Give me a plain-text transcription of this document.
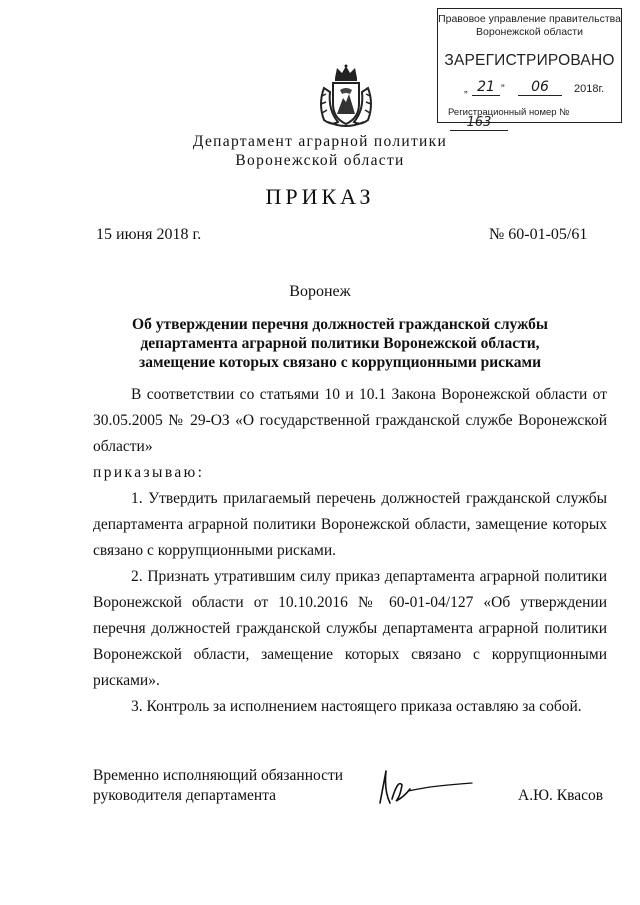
Правовое управление правительства
Воронежской области
ЗАРЕГИСТРИРОВАНО
„ 21 ”	06	2018г.
Регистрационный номер №163
Департамент аграрной политики
Воронежской области
ПРИКАЗ
15 июня 2018 г.	№ 60-01-05/61
Воронеж
Об утверждении перечня должностей гражданской службы
департамента аграрной политики Воронежской области,
замещение которых связано с коррупционными рисками

В соответствии со статьями 10 и 10.1 Закона Воронежской области от 30.05.2005 № 29-ОЗ «О государственной гражданской службе Воронежской области»

приказываю:

1. Утвердить прилагаемый перечень должностей гражданской службы департамента аграрной политики Воронежской области, замещение которых связано с коррупционными рисками.

2. Признать утратившим силу приказ департамента аграрной политики Воронежской области от 10.10.2016 № 60-01-04/127 «Об утверждении перечня должностей гражданской службы департамента аграрной политики Воронежской области, замещение которых связано с коррупционными рисками».

3. Контроль за исполнением настоящего приказа оставляю за собой.

Временно исполняющий обязанности
руководителя департамента	А.Ю. Квасов
